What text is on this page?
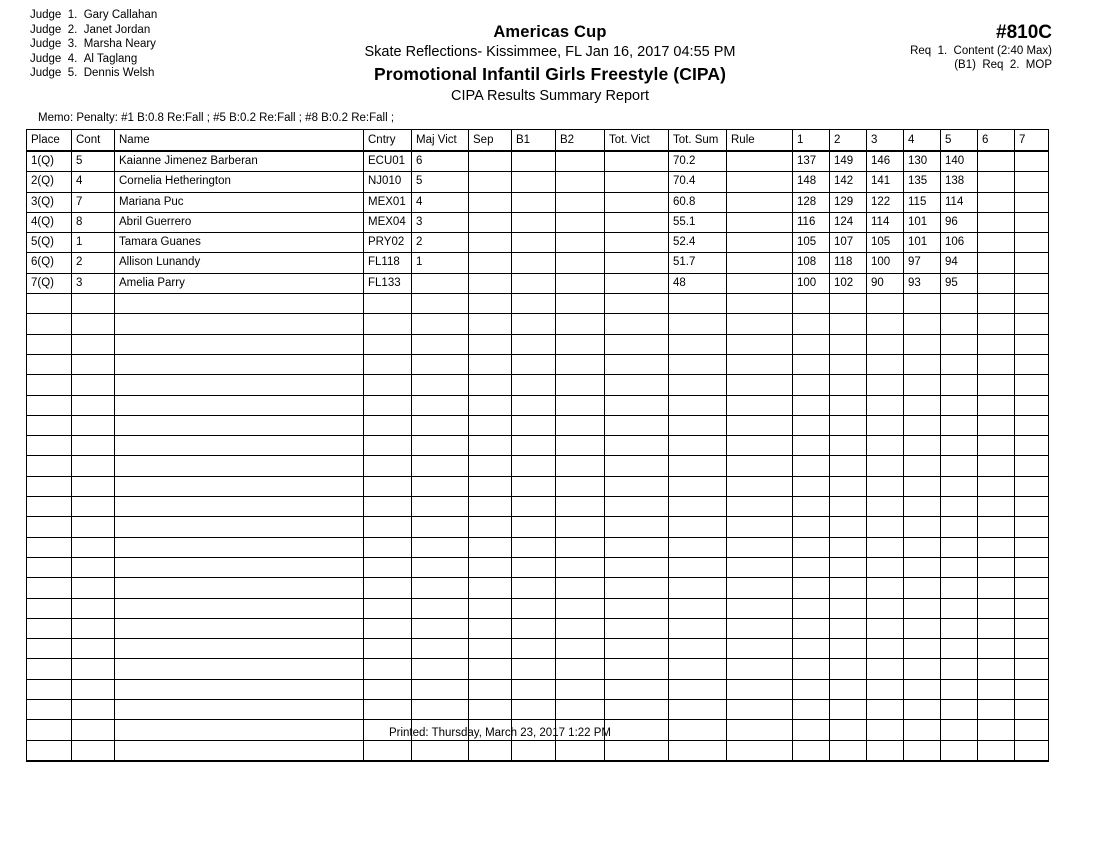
Judge  1.  Gary Callahan
Judge  2.  Janet Jordan
Judge  3.  Marsha Neary
Judge  4.  Al Taglang
Judge  5.  Dennis Welsh
Americas Cup
Skate Reflections- Kissimmee, FL Jan 16, 2017 04:55 PM
Promotional Infantil Girls Freestyle (CIPA)
CIPA Results Summary Report
#810C
Req  1.  Content (2:40 Max)
(B1)  Req  2.  MOP
Memo: Penalty: #1 B:0.8 Re:Fall ; #5 B:0.2 Re:Fall ; #8 B:0.2 Re:Fall ;
Place	Cont	Name	Cntry	Maj Vict	Sep	B1	B2	Tot. Vict	Tot. Sum	Rule	1	2	3	4	5	6	7
1(Q)	5	Kaianne Jimenez Barberan	ECU01	6					70.2		137	149	146	130	140		
2(Q)	4	Cornelia Hetherington	NJ010	5					70.4		148	142	141	135	138		
3(Q)	7	Mariana Puc	MEX01	4					60.8		128	129	122	115	114		
4(Q)	8	Abril Guerrero	MEX04	3					55.1		116	124	114	101	96		
5(Q)	1	Tamara Guanes	PRY02	2					52.4		105	107	105	101	106		
6(Q)	2	Allison Lunandy	FL118	1					51.7		108	118	100	97	94		
7(Q)	3	Amelia Parry	FL133						48		100	102	90	93	95		

Printed: Thursday, March 23, 2017 1:22 PM
